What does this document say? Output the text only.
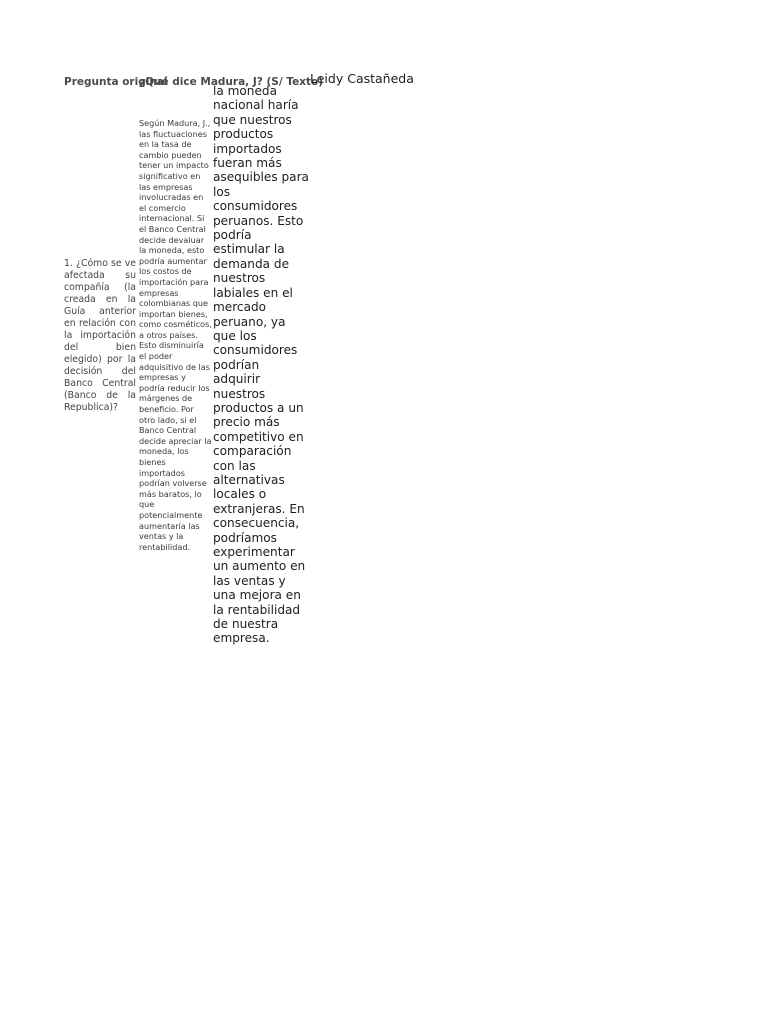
Pregunta original
¿Qué dice Madura, J? (S/ Texto)
Leidy Castañeda
1. ¿Cómo se ve afectada su compañía (la creada en la Guía anterior en relación con la importación del bien elegido) por la decisión del Banco Central (Banco de la Republica)?
Según Madura, J., las fluctuaciones en la tasa de cambio pueden tener un impacto significativo en las empresas involucradas en el comercio internacional. Si el Banco Central decide devaluar la moneda, esto podría aumentar los costos de importación para empresas colombianas que importan bienes, como cosméticos, a otros países. Esto disminuiría el poder adquisitivo de las empresas y podría reducir los márgenes de beneficio. Por otro lado, si el Banco Central decide apreciar la moneda, los bienes importados podrían volverse más baratos, lo que potencialmente aumentaría las ventas y la rentabilidad.
la moneda nacional haría que nuestros productos importados fueran más asequibles para los consumidores peruanos. Esto podría estimular la demanda de nuestros labiales en el mercado peruano, ya que los consumidores podrían adquirir nuestros productos a un precio más competitivo en comparación con las alternativas locales o extranjeras. En consecuencia, podríamos experimentar un aumento en las ventas y una mejora en la rentabilidad de nuestra empresa.
